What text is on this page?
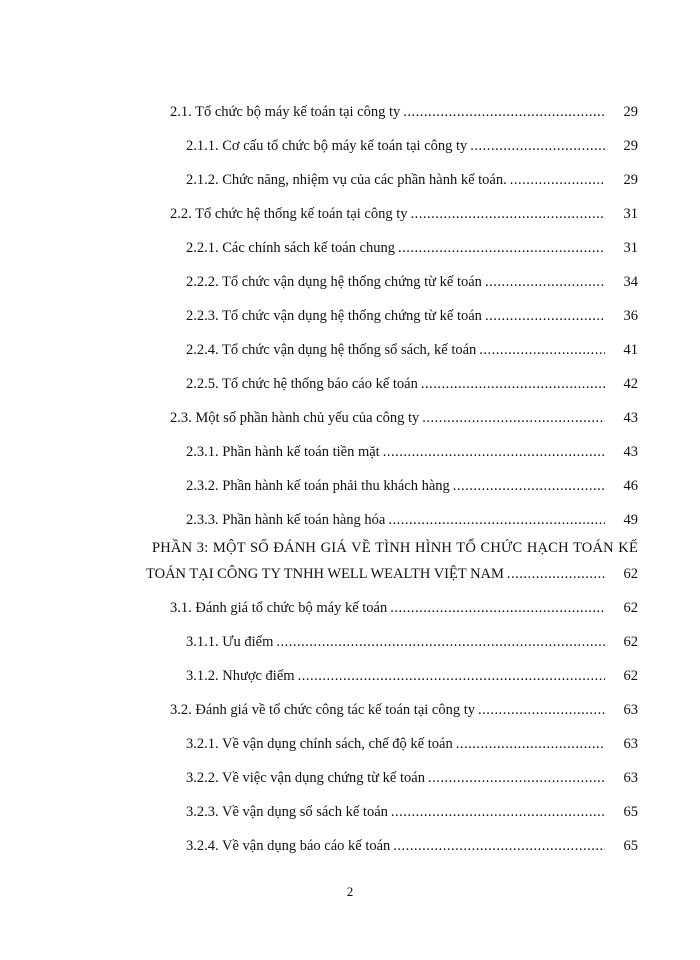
2.1. Tổ chức bộ máy kế toán tại công ty .....	29
2.1.1. Cơ cấu tổ chức bộ máy kế toán tại công ty .....	29
2.1.2. Chức năng, nhiệm vụ của các phần hành kế toán. .....	29
2.2. Tổ chức hệ thống kế toán tại công ty .....	31
2.2.1. Các chính sách kế toán chung .....	31
2.2.2. Tổ chức vận dụng hệ thống chứng từ kế toán .....	34
2.2.3. Tổ chức vận dụng hệ thống chứng từ kế toán .....	36
2.2.4. Tổ chức vận dụng hệ thống sổ sách, kế toán .....	41
2.2.5. Tổ chức hệ thống báo cáo kế toán .....	42
2.3. Một số phần hành chủ yếu của công ty .....	43
2.3.1. Phần hành kế toán tiền mặt .....	43
2.3.2. Phần hành kế toán phải thu khách hàng .....	46
2.3.3. Phần hành kế toán hàng hóa .....	49
PHẦN 3: MỘT SỐ ĐÁNH GIÁ VỀ TÌNH HÌNH TỔ CHỨC HẠCH TOÁN KẾ
TOÁN TẠI CÔNG TY TNHH WELL WEALTH VIỆT NAM .....	62
3.1. Đánh giá tổ chức bộ máy kế toán .....	62
3.1.1. Ưu điểm .....	62
3.1.2. Nhược điểm .....	62
3.2. Đánh giá về tổ chức công tác kế toán tại công ty .....	63
3.2.1. Về vận dụng chính sách, chế độ kế toán .....	63
3.2.2. Về việc vận dụng chứng từ kế toán .....	63
3.2.3. Về vận dụng sổ sách kế toán .....	65
3.2.4. Về vận dụng báo cáo kế toán .....	65
2
